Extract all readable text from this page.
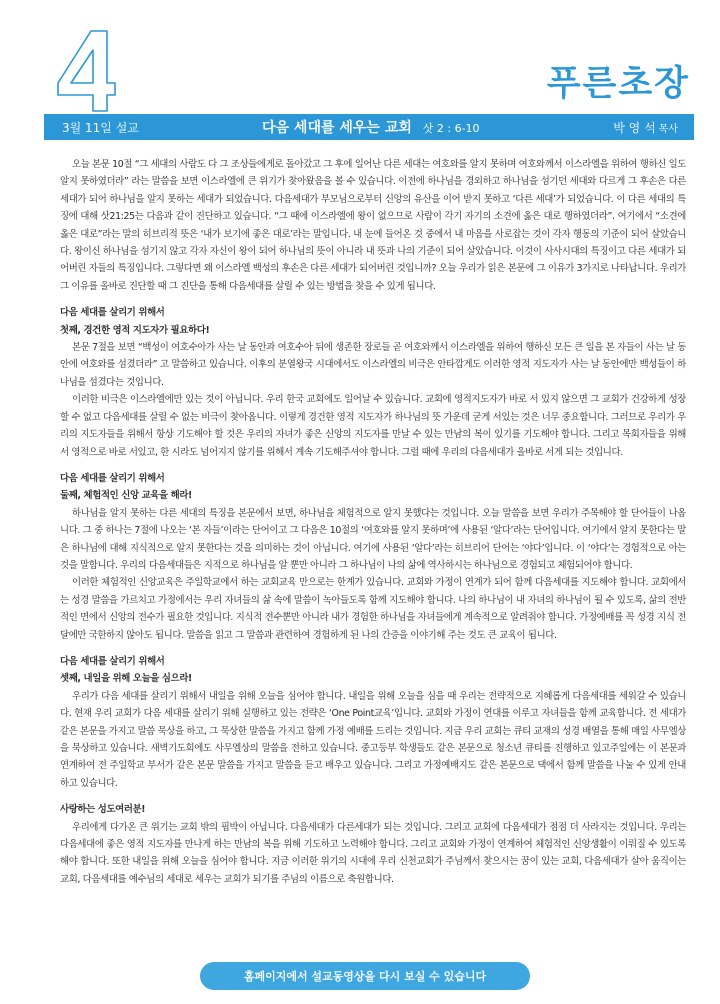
푸른초장
3월 11일 설교	다음 세대를 세우는 교회 삿 2 : 6-10	박 영 석 목사

오늘 본문 10절 “그 세대의 사람도 다 그 조상들에게로 돌아갔고 그 후에 일어난 다른 세대는 여호와를 알지 못하며 여호와께서 이스라엘을 위하여 행하신 일도 알지 못하였더라” 라는 말씀을 보면 이스라엘에 큰 위기가 찾아왔음을 볼 수 있습니다. 이전에 하나님을 경외하고 하나님을 섬기던 세대와 다르게 그 후손은 다른 세대가 되어 하나님을 알지 못하는 세대가 되었습니다. 다음세대가 부모님으로부터 신앙의 유산을 이어 받지 못하고 ‘다른 세대’가 되었습니다. 이 다른 세대의 특징에 대해 삿21:25는 다음과 같이 진단하고 있습니다. “그 때에 이스라엘에 왕이 없으므로 사람이 각기 자기의 소견에 옳은 대로 행하였더라”. 여기에서 “소견에 옳은 대로”라는 말의 히브리적 뜻은 ‘내가 보기에 좋은 대로’라는 말입니다. 내 눈에 들어온 것 중에서 내 마음을 사로잡는 것이 각자 행동의 기준이 되어 살았습니다. 왕이신 하나님을 섬기지 않고 각자 자신이 왕이 되어 하나님의 뜻이 아니라 내 뜻과 나의 기준이 되어 살았습니다. 이것이 사사시대의 특징이고 다른 세대가 되어버린 자들의 특징입니다. 그렇다면 왜 이스라엘 백성의 후손은 다른 세대가 되어버린 것입니까? 오늘 우리가 읽은 본문에 그 이유가 3가지로 나타납니다. 우리가 그 이유를 올바로 진단할 때 그 진단을 통해 다음세대를 살릴 수 있는 방법을 찾을 수 있게 됩니다.

다음 세대를 살리기 위해서

첫째, 경건한 영적 지도자가 필요하다!

본문 7절을 보면 “백성이 여호수아가 사는 날 동안과 여호수아 뒤에 생존한 장로들 곧 여호와께서 이스라엘을 위하여 행하신 모든 큰 일을 본 자들이 사는 날 동안에 여호와를 섬겼더라” 고 말씀하고 있습니다. 이후의 분열왕국 시대에서도 이스라엘의 비극은 안타깝게도 이러한 영적 지도자가 사는 날 동안에만 백성들이 하나님을 섬겼다는 것입니다.

이러한 비극은 이스라엘에만 있는 것이 아닙니다. 우리 한국 교회에도 일어날 수 있습니다. 교회에 영적지도자가 바로 서 있지 않으면 그 교회가 건강하게 성장할 수 없고 다음세대를 살릴 수 없는 비극이 찾아옵니다. 이렇게 경건한 영적 지도자가 하나님의 뜻 가운데 굳게 서있는 것은 너무 중요합니다. 그러므로 우리가 우리의 지도자들을 위해서 항상 기도해야 할 것은 우리의 자녀가 좋은 신앙의 지도자를 만날 수 있는 만남의 복이 있기를 기도해야 합니다. 그리고 목회자들을 위해서 영적으로 바로 서있고, 한 시라도 넘어지지 않기를 위해서 계속 기도해주셔야 합니다. 그럴 때에 우리의 다음세대가 올바로 서게 되는 것입니다.

다음 세대를 살리기 위해서

둘째, 체험적인 신앙 교육을 해라!

하나님을 알지 못하는 다른 세대의 특징을 본문에서 보면, 하나님을 체험적으로 알지 못했다는 것입니다. 오늘 말씀을 보면 우리가 주목해야 할 단어들이 나옵니다. 그 중 하나는 7절에 나오는 ‘본 자들’이라는 단어이고 그 다음은 10절의 ‘여호와를 알지 못하며’에 사용된 ‘알다’라는 단어입니다. 여기에서 알지 못한다는 말은 하나님에 대해 지식적으로 알지 못한다는 것을 의미하는 것이 아닙니다. 여기에 사용된 ‘알다’라는 히브리어 단어는 ‘야다’입니다. 이 ‘야다’는 경험적으로 아는 것을 말합니다. 우리의 다음세대들은 지적으로 하나님을 알 뿐만 아니라 그 하나님이 나의 삶에 역사하시는 하나님으로 경험되고 체험되어야 합니다.

이러한 체험적인 신앙교육은 주일학교에서 하는 교회교육 만으로는 한계가 있습니다. 교회와 가정이 연계가 되어 함께 다음세대를 지도해야 합니다. 교회에서는 성경 말씀을 가르치고 가정에서는 우리 자녀들의 삶 속에 말씀이 녹아들도록 함께 지도해야 합니다. 나의 하나님이 내 자녀의 하나님이 될 수 있도록, 삶의 전반적인 면에서 신앙의 전수가 필요한 것입니다. 지식적 전수뿐만 아니라 내가 경험한 하나님을 자녀들에게 계속적으로 알려줘야 합니다. 가정예배를 꼭 성경 지식 전달에만 국한하지 않아도 됩니다. 말씀을 읽고 그 말씀과 관련하여 경험하게 된 나의 간증을 이야기해 주는 것도 큰 교육이 됩니다.

다음 세대를 살리기 위해서

셋째, 내일을 위해 오늘을 심으라!

우리가 다음 세대를 살리기 위해서 내일을 위해 오늘을 심어야 합니다. 내일을 위해 오늘을 심을 때 우리는 전략적으로 지혜롭게 다음세대를 세워갈 수 있습니다. 현재 우리 교회가 다음 세대를 살리기 위해 실행하고 있는 전략은 ‘One Point교육’입니다. 교회와 가정이 연대를 이루고 자녀들을 함께 교육합니다. 전 세대가 같은 본문을 가지고 말씀 묵상을 하고, 그 묵상한 말씀을 가지고 함께 가정 예배를 드리는 것입니다. 지금 우리 교회는 큐티 교재의 성경 배열을 통해 매일 사무엘상을 묵상하고 있습니다. 새벽기도회에도 사무엘상의 말씀을 전하고 있습니다. 중고등부 학생들도 같은 본문으로 청소년 큐티를 진행하고 있고주일에는 이 본문과 연계하여 전 주일학교 부서가 같은 본문 말씀을 가지고 말씀을 듣고 배우고 있습니다. 그리고 가정예배지도 같은 본문으로 댁에서 함께 말씀을 나눌 수 있게 안내하고 있습니다.

사랑하는 성도여러분!

우리에게 다가온 큰 위기는 교회 밖의 핍박이 아닙니다. 다음세대가 다른세대가 되는 것입니다. 그리고 교회에 다음세대가 점점 더 사라지는 것입니다. 우리는 다음세대에 좋은 영적 지도자를 만나게 하는 만남의 복을 위해 기도하고 노력해야 합니다. 그리고 교회와 가정이 연계하여 체험적인 신앙생활이 이뤄질 수 있도록 해야 합니다. 또한 내일을 위해 오늘을 심어야 합니다. 지금 이러한 위기의 시대에 우리 신천교회가 주님께서 찾으시는 꿈이 있는 교회, 다음세대가 살아 움직이는 교회, 다음세대를 예수님의 세대로 세우는 교회가 되기를 주님의 이름으로 축원합니다.

홈페이지에서 설교동영상을 다시 보실 수 있습니다
